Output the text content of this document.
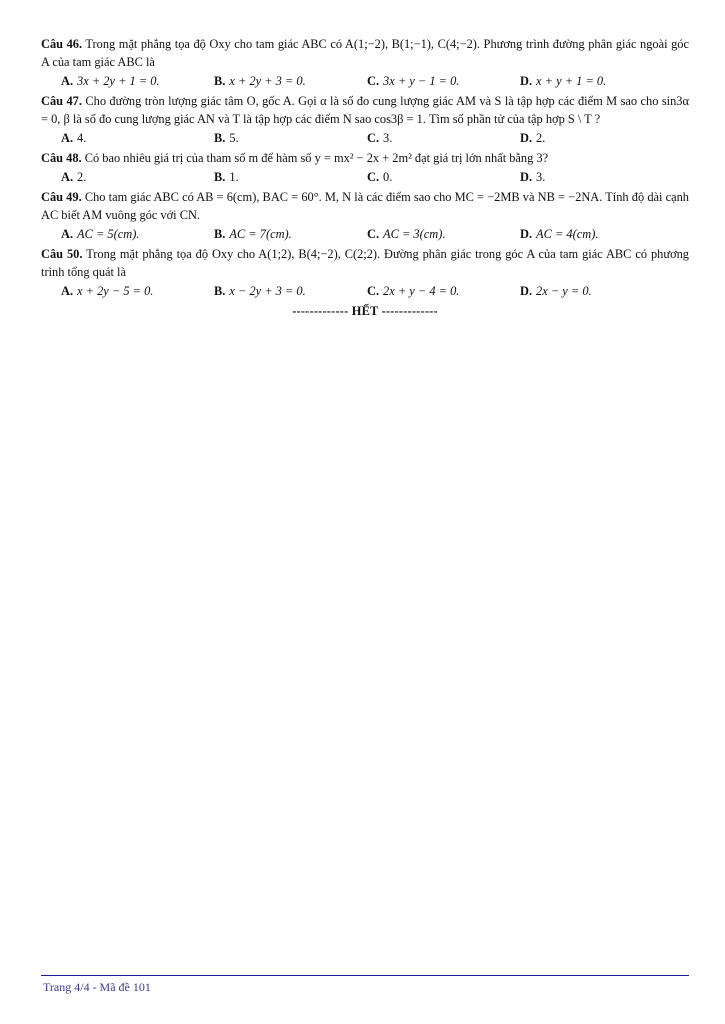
Câu 46. Trong mặt phẳng tọa độ Oxy cho tam giác ABC có A(1;−2), B(1;−1), C(4;−2). Phương trình đường phân giác ngoài góc A của tam giác ABC là

A. 3x + 2y + 1 = 0.	B. x + 2y + 3 = 0.	C. 3x + y − 1 = 0.	D. x + y + 1 = 0.

Câu 47. Cho đường tròn lượng giác tâm O, gốc A. Gọi α là số đo cung lượng giác AM và S là tập hợp các điểm M sao cho sin3α = 0, β là số đo cung lượng giác AN và T là tập hợp các điểm N sao cos3β = 1. Tìm số phần tử của tập hợp S \ T ?

A. 4.	B. 5.	C. 3.	D. 2.

Câu 48. Có bao nhiêu giá trị của tham số m để hàm số y = mx² − 2x + 2m² đạt giá trị lớn nhất bằng 3?

A. 2.	B. 1.	C. 0.	D. 3.

Câu 49. Cho tam giác ABC có AB = 6(cm), BAC = 60°. M, N là các điểm sao cho MC = −2MB và NB = −2NA. Tính độ dài cạnh AC biết AM vuông góc với CN.

A. AC = 5(cm).	B. AC = 7(cm).	C. AC = 3(cm).	D. AC = 4(cm).

Câu 50. Trong mặt phẳng tọa độ Oxy cho A(1;2), B(4;−2), C(2;2). Đường phân giác trong góc A của tam giác ABC có phương trình tổng quát là

A. x + 2y − 5 = 0.	B. x − 2y + 3 = 0.	C. 2x + y − 4 = 0.	D. 2x − y = 0.
------------- HẾT -------------
Trang 4/4 - Mã đề 101
